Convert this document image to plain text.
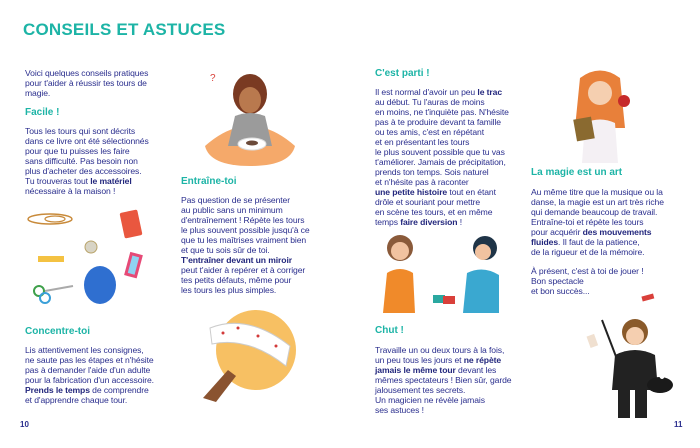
CONSEILS ET ASTUCES
Voici quelques conseils pratiques
pour t'aider à réussir tes tours de
magie.
Facile !
Tous les tours qui sont décrits
dans ce livre ont été sélectionnés
pour que tu puisses les faire
sans difficulté. Pas besoin non
plus d'acheter des accessoires.
Tu trouveras tout le matériel
nécessaire à la maison !
Concentre-toi
Lis attentivement les consignes,
ne saute pas les étapes et n'hésite
pas à demander l'aide d'un adulte
pour la fabrication d'un accessoire.
Prends le temps de comprendre
et d'apprendre chaque tour.
?
Entraîne-toi
Pas question de se présenter
au public sans un minimum
d'entraînement ! Répète les tours
le plus souvent possible jusqu'à ce
que tu les maîtrises vraiment bien
et que tu sois sûr de toi.
T'entraîner devant un miroir
peut t'aider à repérer et à corriger
tes petits défauts, même pour
les tours les plus simples.
10
C'est parti !
Il est normal d'avoir un peu le trac
au début. Tu l'auras de moins
en moins, ne t'inquiète pas. N'hésite
pas à te produire devant ta famille
ou tes amis, c'est en répétant
et en présentant les tours
le plus souvent possible que tu vas
t'améliorer. Jamais de précipitation,
prends ton temps. Sois naturel
et n'hésite pas à raconter
une petite histoire tout en étant
drôle et souriant pour mettre
en scène tes tours, et en même
temps faire diversion !
Chut !
Travaille un ou deux tours à la fois,
un peu tous les jours et ne répète
jamais le même tour devant les
mêmes spectateurs ! Bien sûr, garde
jalousement tes secrets.
Un magicien ne révèle jamais
ses astuces !
La magie est un art
Au même titre que la musique ou la
danse, la magie est un art très riche
qui demande beaucoup de travail.
Entraîne-toi et répète les tours
pour acquérir des mouvements
fluides. Il faut de la patience,
de la rigueur et de la mémoire.
À présent, c'est à toi de jouer !
Bon spectacle
et bon succès...
11
